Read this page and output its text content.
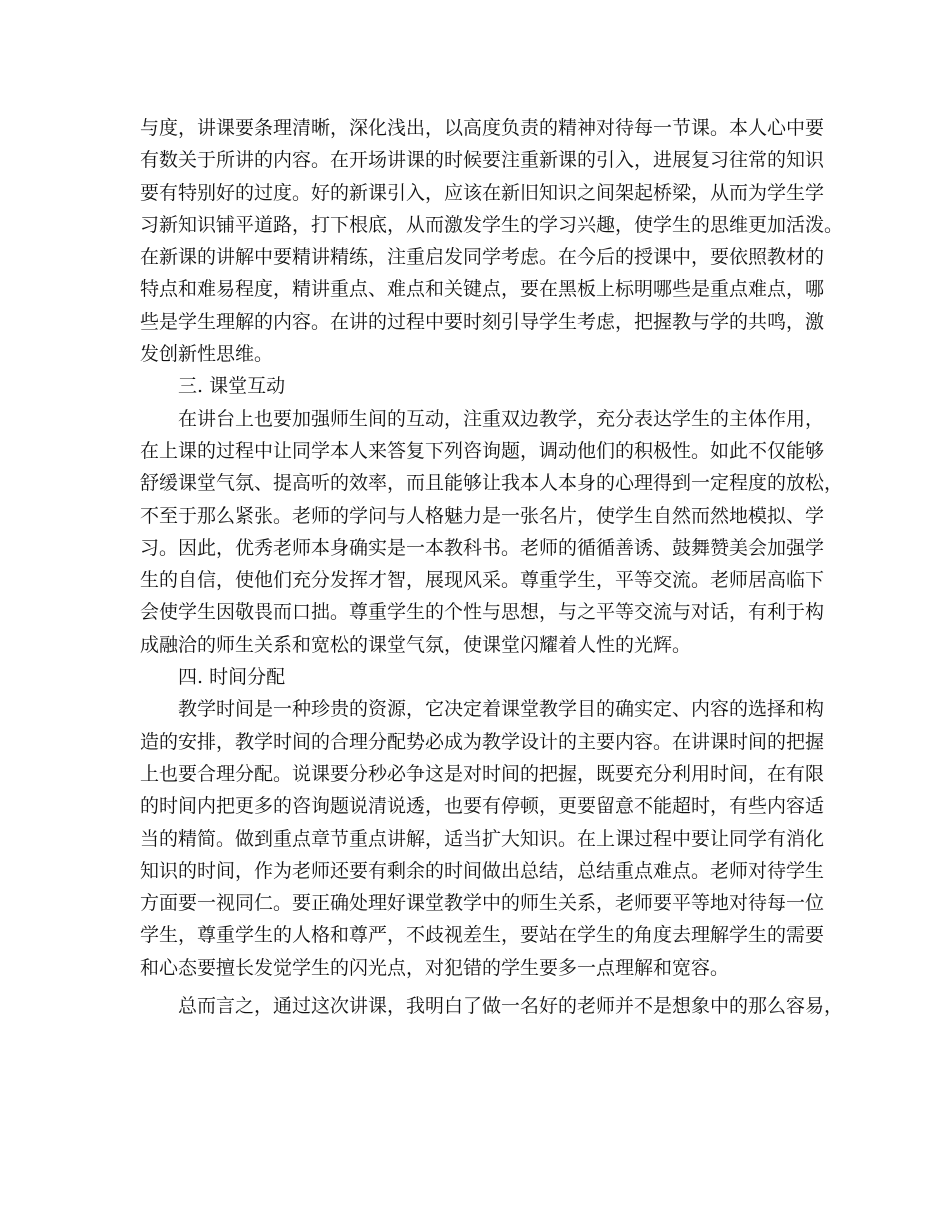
与度，讲课要条理清晰，深化浅出，以高度负责的精神对待每一节课。本人心中要
有数关于所讲的内容。在开场讲课的时候要注重新课的引入，进展复习往常的知识
要有特别好的过度。好的新课引入，应该在新旧知识之间架起桥梁，从而为学生学
习新知识铺平道路，打下根底，从而激发学生的学习兴趣，使学生的思维更加活泼。
在新课的讲解中要精讲精练，注重启发同学考虑。在今后的授课中，要依照教材的
特点和难易程度，精讲重点、难点和关键点，要在黑板上标明哪些是重点难点，哪
些是学生理解的内容。在讲的过程中要时刻引导学生考虑，把握教与学的共鸣，激
发创新性思维。
三. 课堂互动
在讲台上也要加强师生间的互动，注重双边教学，充分表达学生的主体作用，
在上课的过程中让同学本人来答复下列咨询题，调动他们的积极性。如此不仅能够
舒缓课堂气氛、提高听的效率，而且能够让我本人本身的心理得到一定程度的放松，
不至于那么紧张。老师的学问与人格魅力是一张名片，使学生自然而然地模拟、学
习。因此，优秀老师本身确实是一本教科书。老师的循循善诱、鼓舞赞美会加强学
生的自信，使他们充分发挥才智，展现风采。尊重学生，平等交流。老师居高临下
会使学生因敬畏而口拙。尊重学生的个性与思想，与之平等交流与对话，有利于构
成融洽的师生关系和宽松的课堂气氛，使课堂闪耀着人性的光辉。
四. 时间分配
教学时间是一种珍贵的资源，它决定着课堂教学目的确实定、内容的选择和构
造的安排，教学时间的合理分配势必成为教学设计的主要内容。在讲课时间的把握
上也要合理分配。说课要分秒必争这是对时间的把握，既要充分利用时间，在有限
的时间内把更多的咨询题说清说透，也要有停顿，更要留意不能超时，有些内容适
当的精简。做到重点章节重点讲解，适当扩大知识。在上课过程中要让同学有消化
知识的时间，作为老师还要有剩余的时间做出总结，总结重点难点。老师对待学生
方面要一视同仁。要正确处理好课堂教学中的师生关系，老师要平等地对待每一位
学生，尊重学生的人格和尊严，不歧视差生，要站在学生的角度去理解学生的需要
和心态要擅长发觉学生的闪光点，对犯错的学生要多一点理解和宽容。
总而言之，通过这次讲课，我明白了做一名好的老师并不是想象中的那么容易，
